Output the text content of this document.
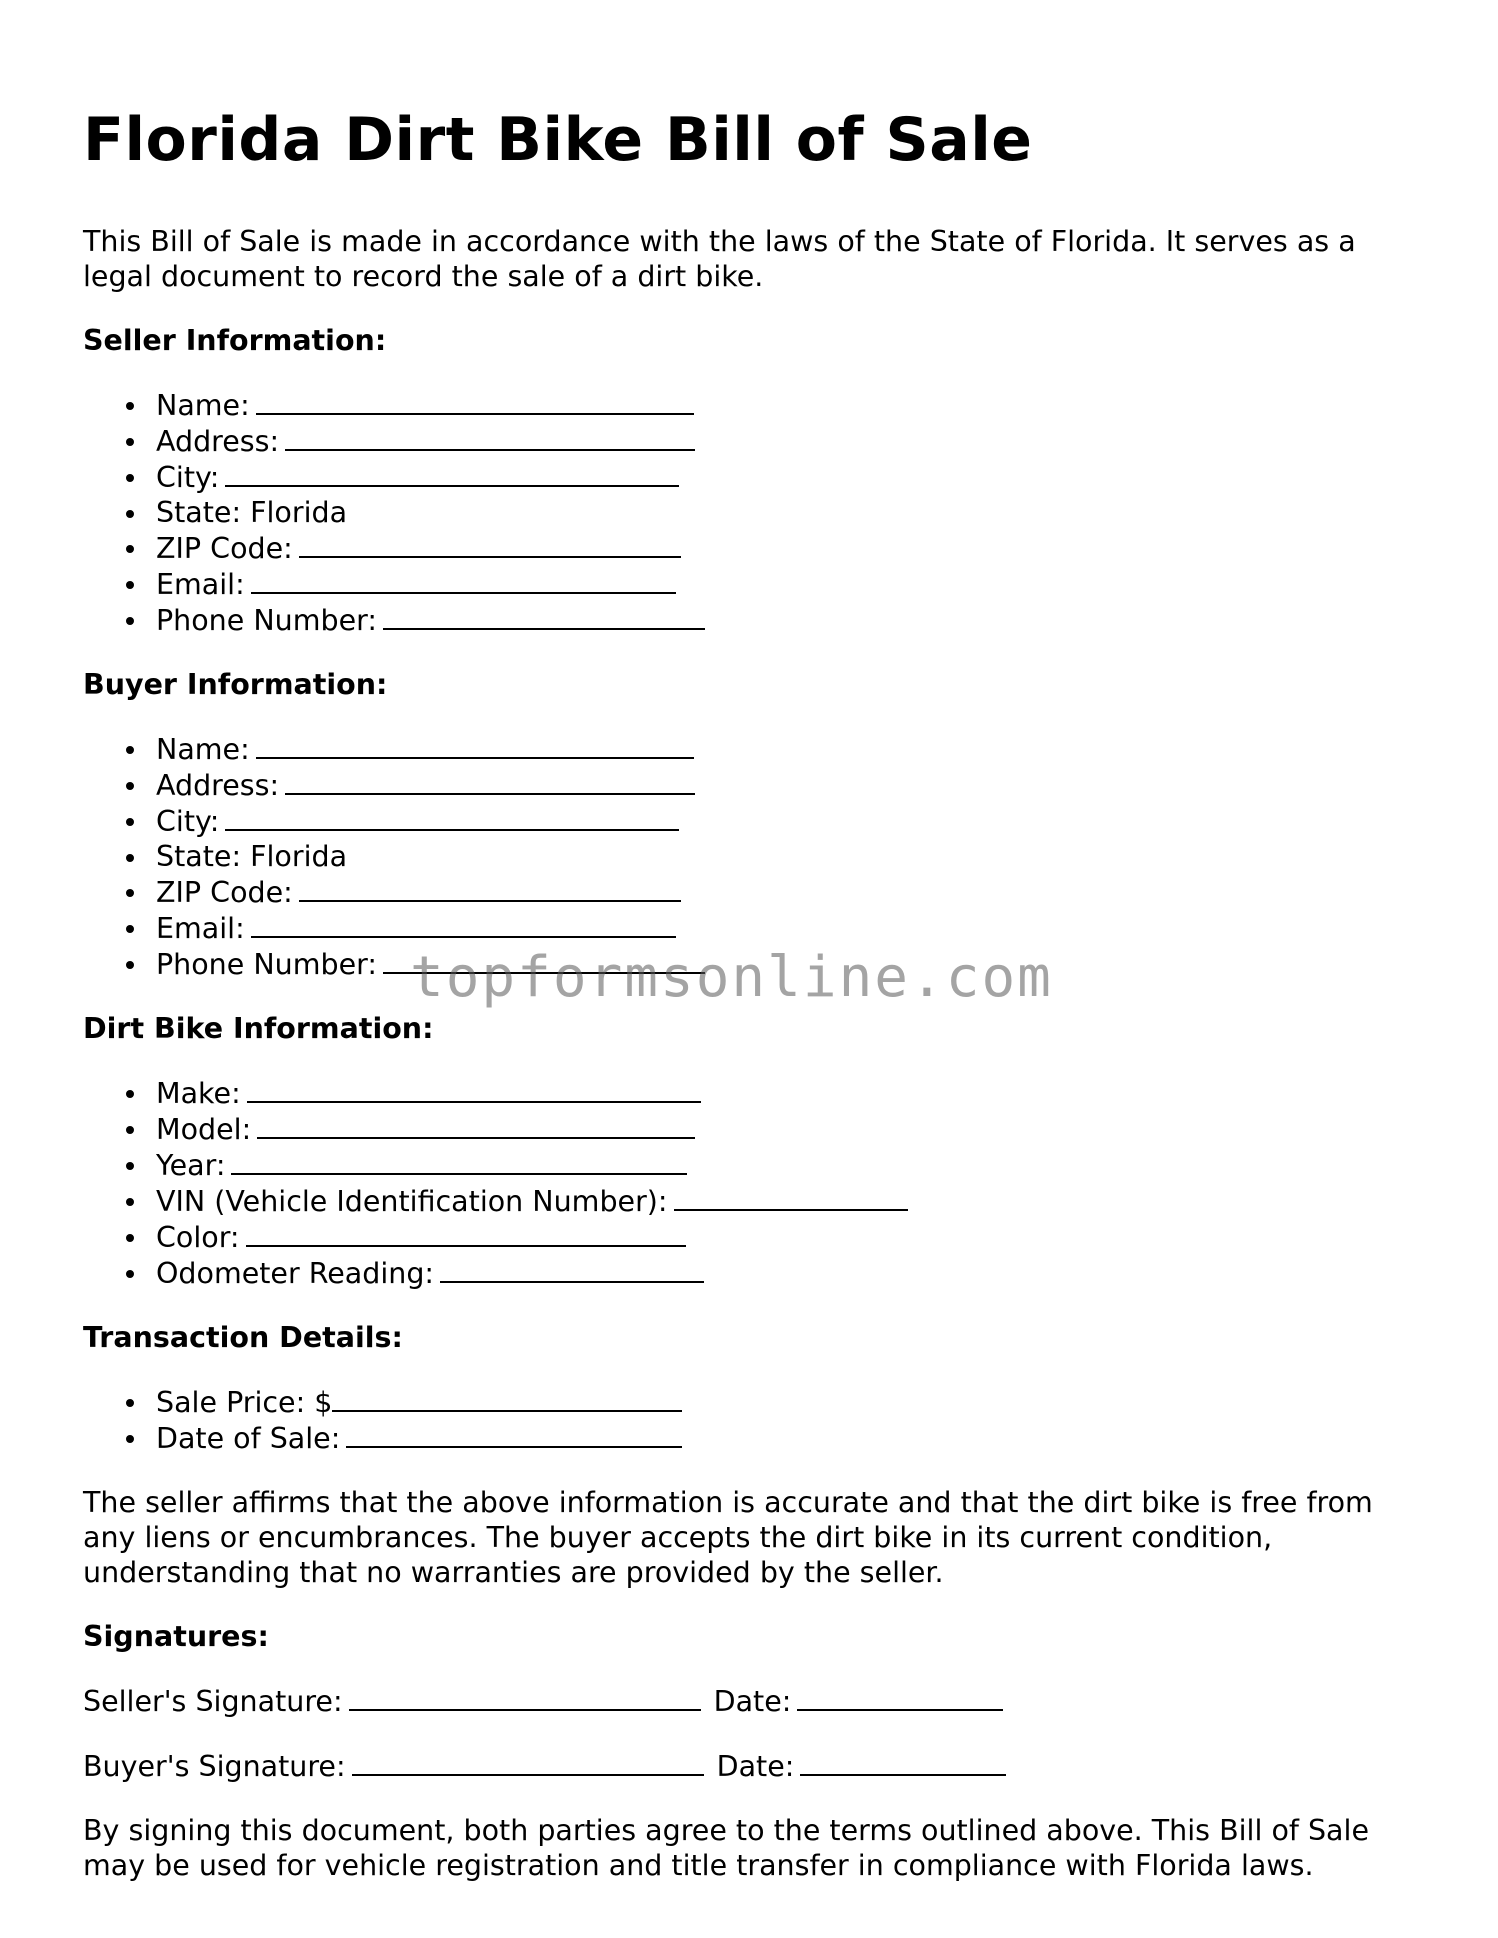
Florida Dirt Bike Bill of Sale

This Bill of Sale is made in accordance with the laws of the State of Florida. It serves as a legal document to record the sale of a dirt bike.

Seller Information:
Name:
Address:
City:
State: Florida
ZIP Code:
Email:
Phone Number:
Buyer Information:
Name:
Address:
City:
State: Florida
ZIP Code:
Email:
Phone Number:
Dirt Bike Information:
Make:
Model:
Year:
VIN (Vehicle Identification Number):
Color:
Odometer Reading:
Transaction Details:
Sale Price: $
Date of Sale:

The seller affirms that the above information is accurate and that the dirt bike is free from any liens or encumbrances. The buyer accepts the dirt bike in its current condition, understanding that no warranties are provided by the seller.

Signatures:
Seller's Signature:	Date:
Buyer's Signature:	Date:

By signing this document, both parties agree to the terms outlined above. This Bill of Sale may be used for vehicle registration and title transfer in compliance with Florida laws.

topformsonline.com
